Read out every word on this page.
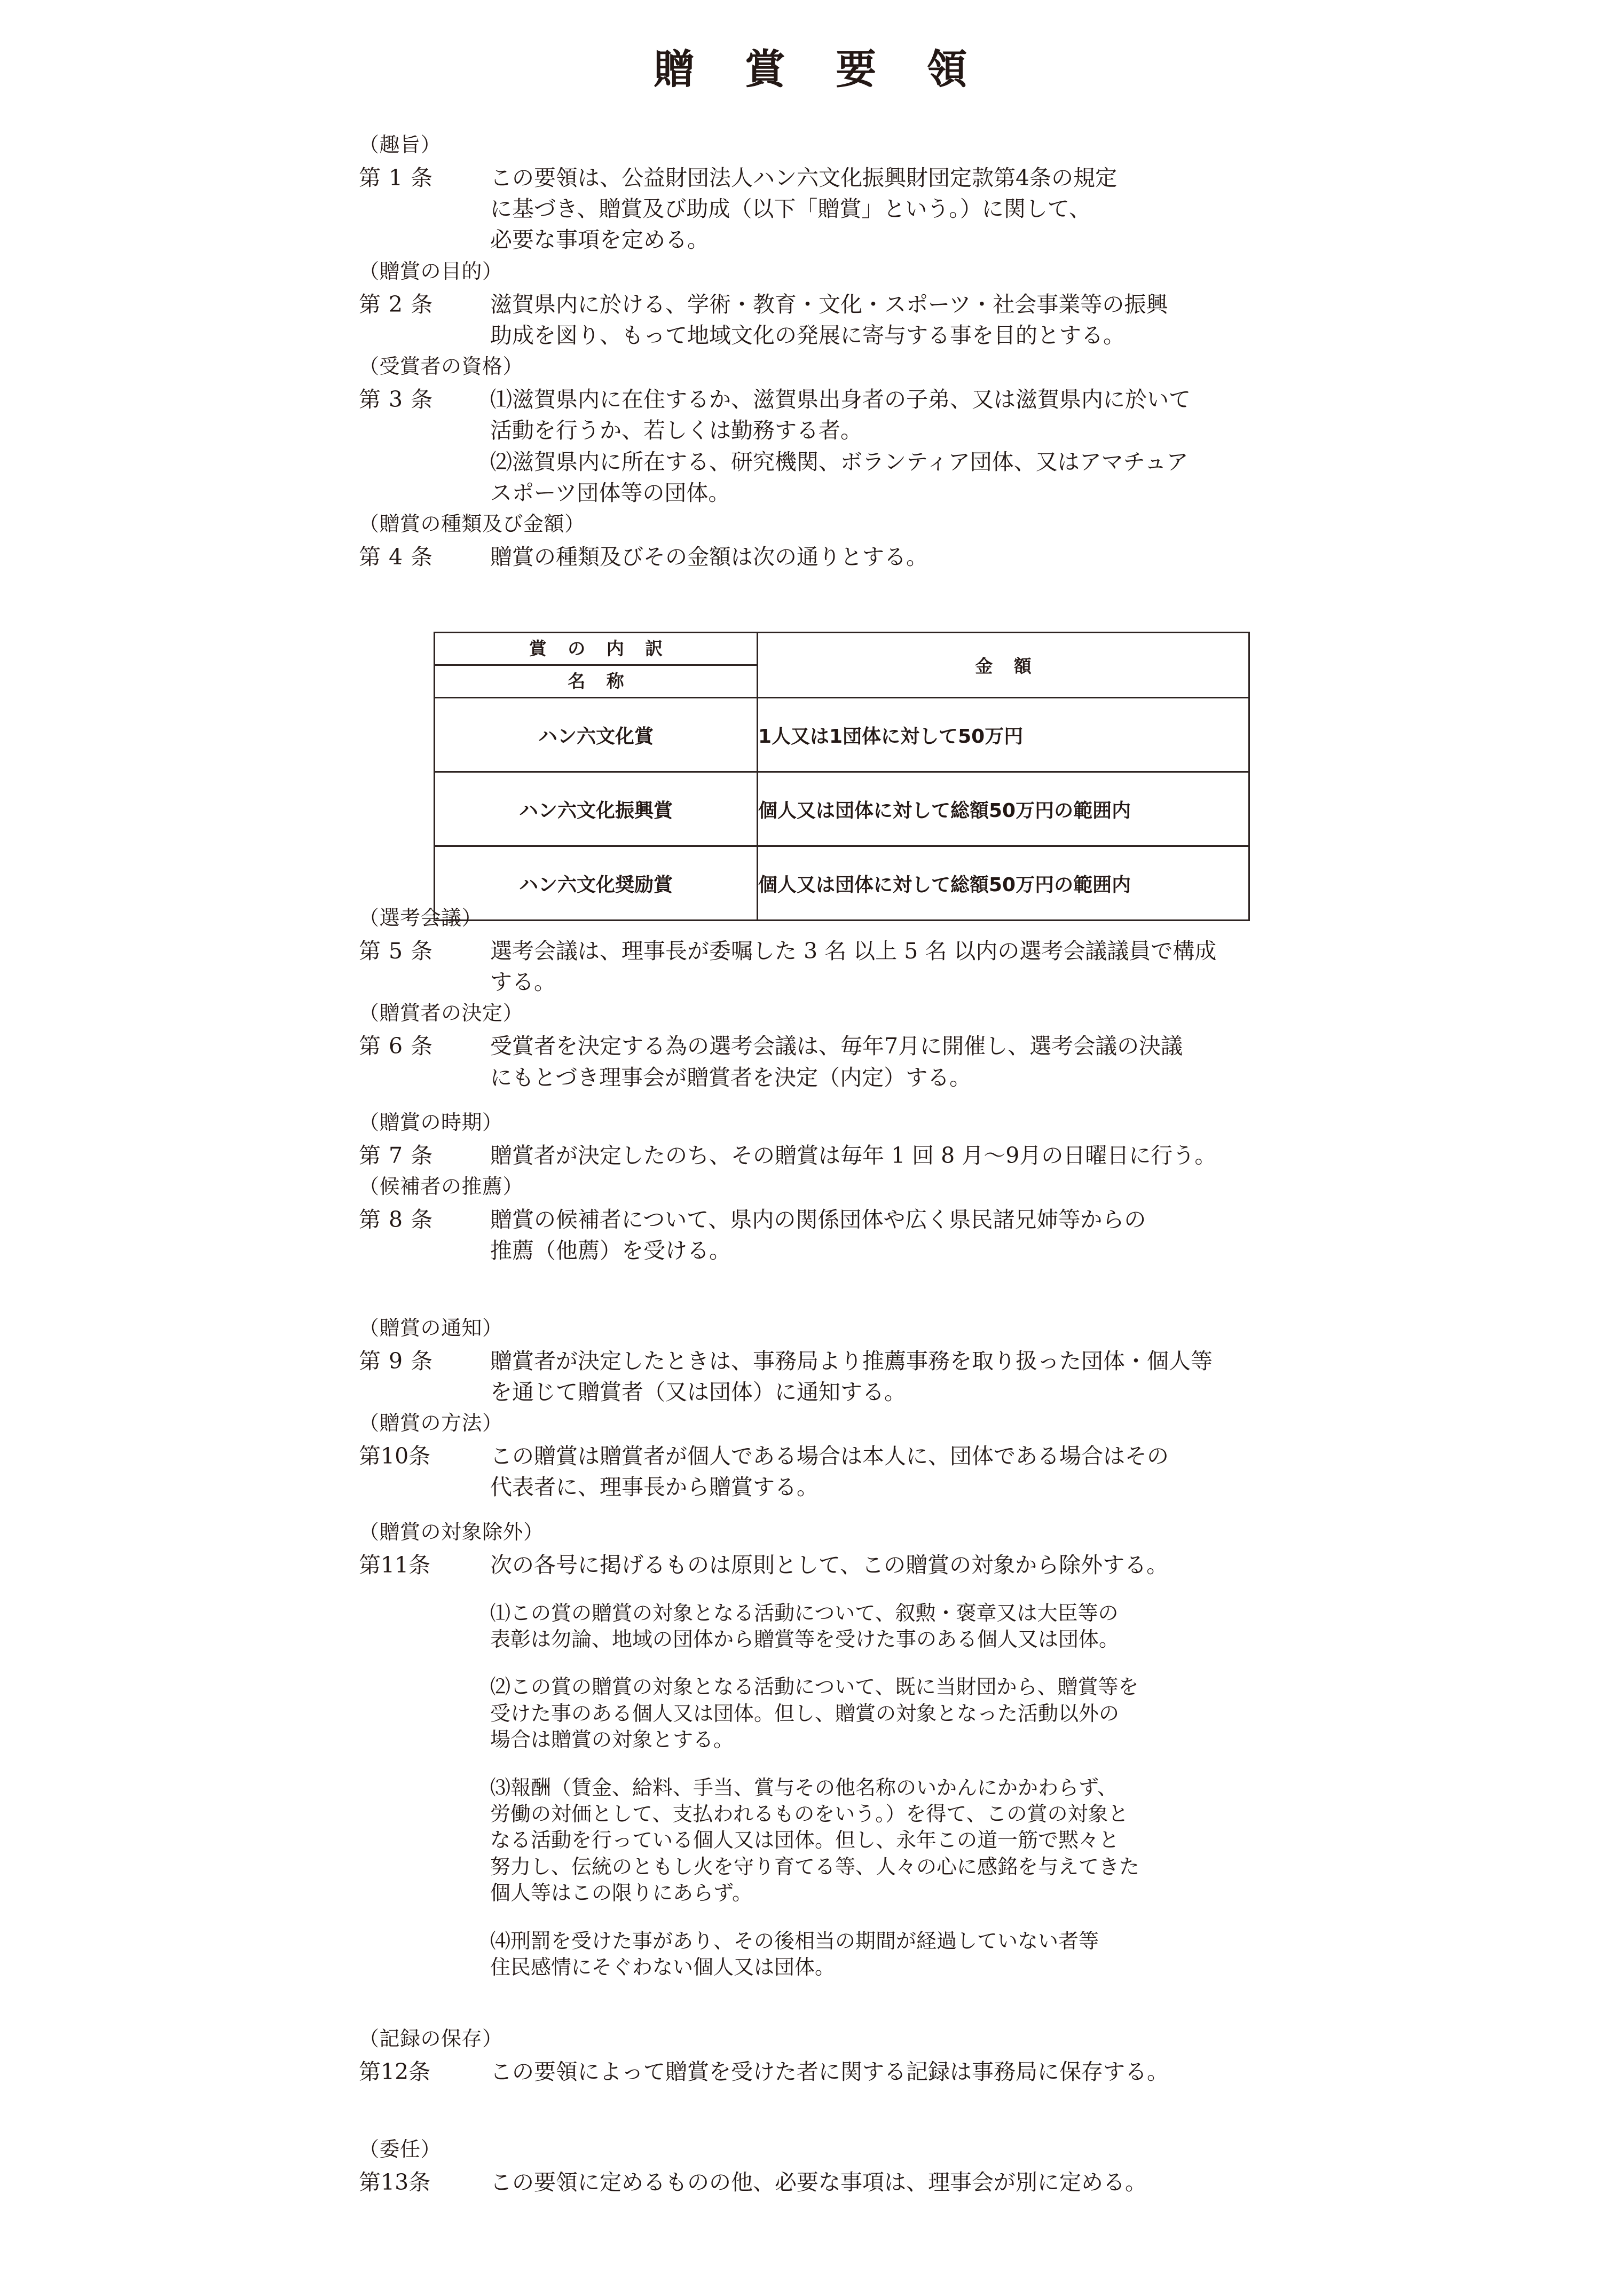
贈 賞 要 領
（趣旨）
第 1 条	この要領は、公益財団法人ハン六文化振興財団定款第4条の規定
に基づき、贈賞及び助成（以下「贈賞」という。）に関して、
必要な事項を定める。
（贈賞の目的）
第 2 条	滋賀県内に於ける、学術・教育・文化・スポーツ・社会事業等の振興
助成を図り、もって地域文化の発展に寄与する事を目的とする。
（受賞者の資格）
第 3 条	⑴滋賀県内に在住するか、滋賀県出身者の子弟、又は滋賀県内に於いて
活動を行うか、若しくは勤務する者。
⑵滋賀県内に所在する、研究機関、ボランティア団体、又はアマチュア
スポーツ団体等の団体。
（贈賞の種類及び金額）
第 4 条	贈賞の種類及びその金額は次の通りとする。
賞 の 内 訳	金 額
名 称	
ハン六文化賞	1人又は1団体に対して50万円
ハン六文化振興賞	個人又は団体に対して総額50万円の範囲内
ハン六文化奨励賞	個人又は団体に対して総額50万円の範囲内
（選考会議）
第 5 条	選考会議は、理事長が委嘱した 3 名 以上 5 名 以内の選考会議議員で構成
する。
（贈賞者の決定）
第 6 条	受賞者を決定する為の選考会議は、毎年7月に開催し、選考会議の決議
にもとづき理事会が贈賞者を決定（内定）する。
（贈賞の時期）
第 7 条	贈賞者が決定したのち、その贈賞は毎年 1 回 8 月～9月の日曜日に行う。
（候補者の推薦）
第 8 条	贈賞の候補者について、県内の関係団体や広く県民諸兄姉等からの
推薦（他薦）を受ける。
（贈賞の通知）
第 9 条	贈賞者が決定したときは、事務局より推薦事務を取り扱った団体・個人等
を通じて贈賞者（又は団体）に通知する。
（贈賞の方法）
第10条	この贈賞は贈賞者が個人である場合は本人に、団体である場合はその
代表者に、理事長から贈賞する。
（贈賞の対象除外）
第11条	次の各号に掲げるものは原則として、この贈賞の対象から除外する。
⑴この賞の贈賞の対象となる活動について、叙勲・褒章又は大臣等の
表彰は勿論、地域の団体から贈賞等を受けた事のある個人又は団体。
⑵この賞の贈賞の対象となる活動について、既に当財団から、贈賞等を
受けた事のある個人又は団体。但し、贈賞の対象となった活動以外の
場合は贈賞の対象とする。
⑶報酬（賃金、給料、手当、賞与その他名称のいかんにかかわらず、
労働の対価として、支払われるものをいう。）を得て、この賞の対象と
なる活動を行っている個人又は団体。但し、永年この道一筋で黙々と
努力し、伝統のともし火を守り育てる等、人々の心に感銘を与えてきた
個人等はこの限りにあらず。
⑷刑罰を受けた事があり、その後相当の期間が経過していない者等
住民感情にそぐわない個人又は団体。
（記録の保存）
第12条	この要領によって贈賞を受けた者に関する記録は事務局に保存する。
（委任）
第13条	この要領に定めるものの他、必要な事項は、理事会が別に定める。
